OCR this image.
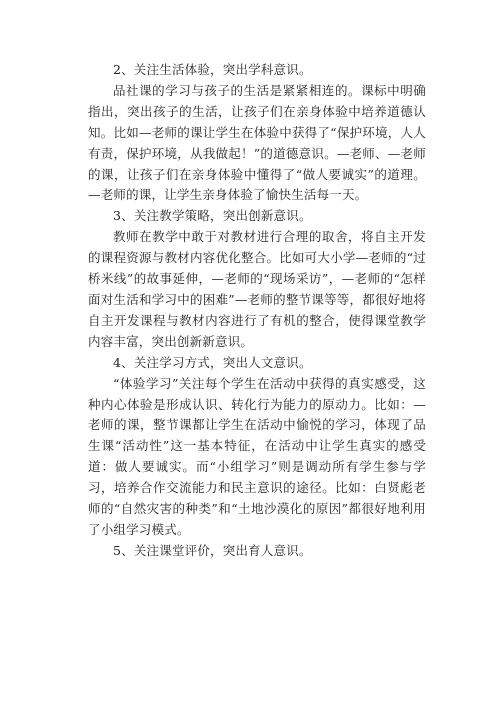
2、关注生活体验，突出学科意识。

品社课的学习与孩子的生活是紧紧相连的。课标中明确指出，突出孩子的生活，让孩子们在亲身体验中培养道德认知。比如—老师的课让学生在体验中获得了“保护环境，人人有责，保护环境，从我做起！”的道德意识。—老师、—老师的课，让孩子们在亲身体验中懂得了“做人要诚实”的道理。—老师的课，让学生亲身体验了愉快生活每一天。

3、关注教学策略，突出创新意识。

教师在教学中敢于对教材进行合理的取舍，将自主开发的课程资源与教材内容优化整合。比如可大小学—老师的“过桥米线”的故事延伸，—老师的“现场采访”，—老师的“怎样面对生活和学习中的困难”—老师的整节课等等，都很好地将自主开发课程与教材内容进行了有机的整合，使得课堂教学内容丰富，突出创新新意识。

4、关注学习方式，突出人文意识。

“体验学习”关注每个学生在活动中获得的真实感受，这种内心体验是形成认识、转化行为能力的原动力。比如：—老师的课，整节课都让学生在活动中愉悦的学习，体现了品生课“活动性”这一基本特征，在活动中让学生真实的感受道：做人要诚实。而“小组学习”则是调动所有学生参与学习，培养合作交流能力和民主意识的途径。比如：白贤彪老师的“自然灾害的种类”和“土地沙漠化的原因”都很好地利用了小组学习模式。

5、关注课堂评价，突出育人意识。
